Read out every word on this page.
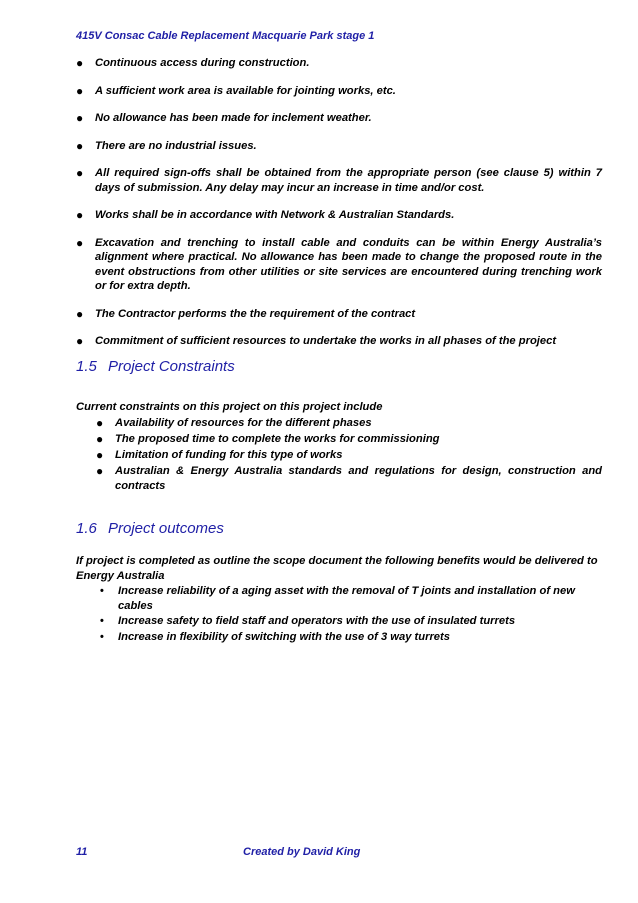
415V Consac Cable Replacement Macquarie Park stage 1
● Continuous access during construction.
● A sufficient work area is available for jointing works, etc.
● No allowance has been made for inclement weather.
● There are no industrial issues.
● All required sign-offs shall be obtained from the appropriate person (see clause 5) within 7 days of submission. Any delay may incur an increase in time and/or cost.
● Works shall be in accordance with Network & Australian Standards.
● Excavation and trenching to install cable and conduits can be within Energy Australia’s alignment where practical. No allowance has been made to change the proposed route in the event obstructions from other utilities or site services are encountered during trenching work or for extra depth.
● The Contractor performs the the requirement of the contract
● Commitment of sufficient resources to undertake the works in all phases of the project
1.5 Project Constraints
Current constraints on this project on this project include
● Availability of resources for the different phases
● The proposed time to complete the works for commissioning
● Limitation of funding for this type of works
● Australian & Energy Australia standards and regulations for design, construction and contracts
1.6 Project outcomes
If project is completed as outline the scope document the following benefits would be delivered to Energy Australia
• Increase reliability of a aging asset with the removal of T joints and installation of new cables
• Increase safety to field staff and operators with the use of insulated turrets
• Increase in flexibility of switching with the use of 3 way turrets
11	Created by David King
